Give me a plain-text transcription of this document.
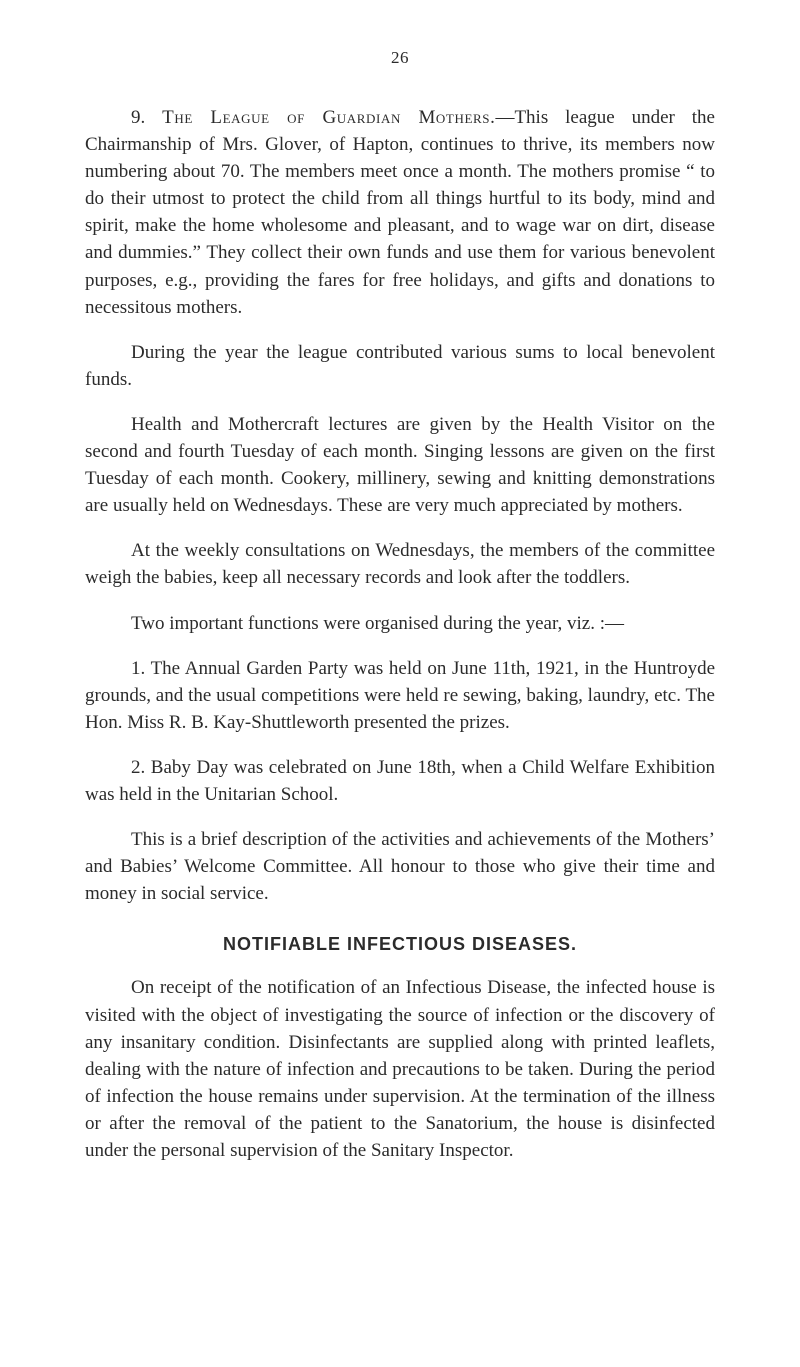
26

9. The League of Guardian Mothers.—This league under the Chairmanship of Mrs. Glover, of Hapton, continues to thrive, its members now numbering about 70. The members meet once a month. The mothers promise “ to do their utmost to protect the child from all things hurtful to its body, mind and spirit, make the home wholesome and pleasant, and to wage war on dirt, disease and dummies.” They collect their own funds and use them for various benevolent purposes, e.g., providing the fares for free holidays, and gifts and donations to necessitous mothers.

During the year the league contributed various sums to local benevolent funds.

Health and Mothercraft lectures are given by the Health Visitor on the second and fourth Tuesday of each month. Singing lessons are given on the first Tuesday of each month. Cookery, millinery, sewing and knitting demonstrations are usually held on Wednesdays. These are very much appreciated by mothers.

At the weekly consultations on Wednesdays, the members of the committee weigh the babies, keep all necessary records and look after the toddlers.

Two important functions were organised during the year, viz. :—

1. The Annual Garden Party was held on June 11th, 1921, in the Huntroyde grounds, and the usual competitions were held re sewing, baking, laundry, etc. The Hon. Miss R. B. Kay-Shuttleworth presented the prizes.

2. Baby Day was celebrated on June 18th, when a Child Welfare Exhibition was held in the Unitarian School.

This is a brief description of the activities and achievements of the Mothers’ and Babies’ Welcome Committee. All honour to those who give their time and money in social service.

NOTIFIABLE INFECTIOUS DISEASES.

On receipt of the notification of an Infectious Disease, the infected house is visited with the object of investigating the source of infection or the discovery of any insanitary condition. Disinfectants are supplied along with printed leaflets, dealing with the nature of infection and precautions to be taken. During the period of infection the house remains under supervision. At the termination of the illness or after the removal of the patient to the Sanatorium, the house is disinfected under the personal supervision of the Sanitary Inspector.
